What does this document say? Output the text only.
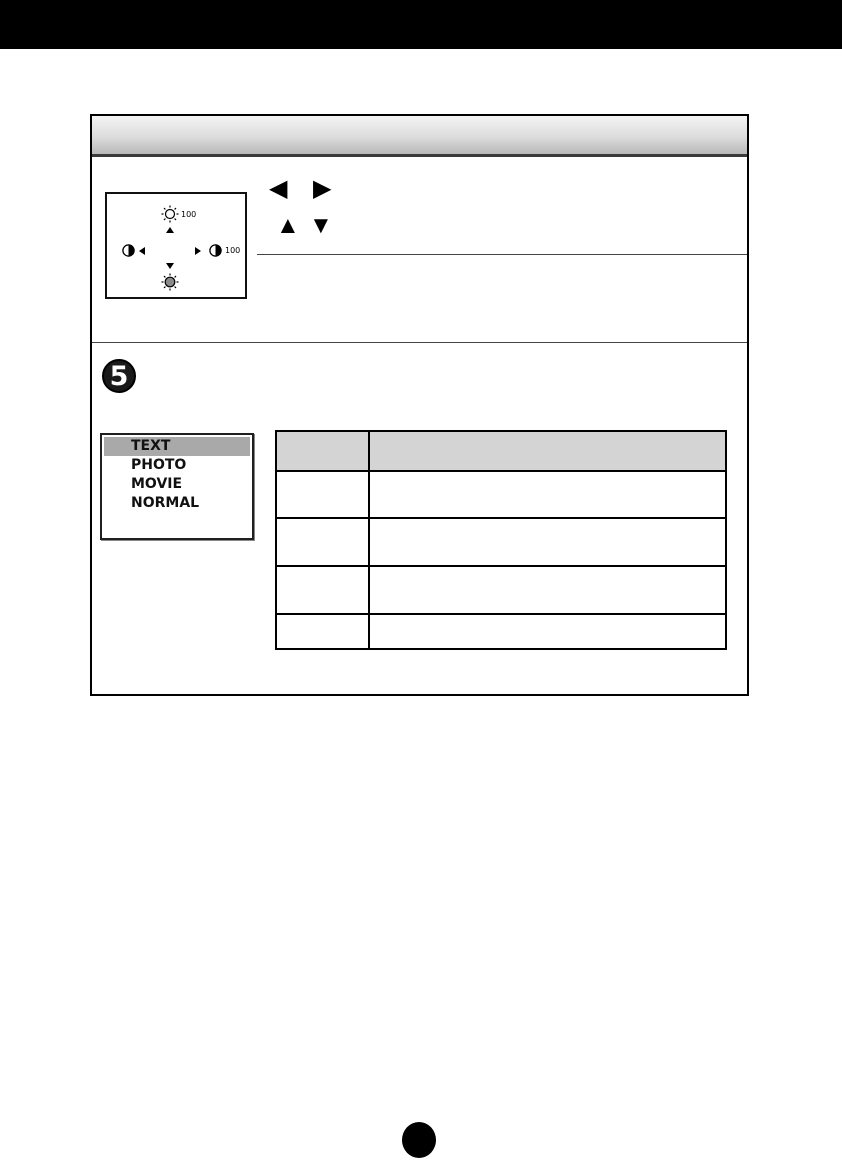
100
100
◀ ▶
▲ ▼
5
TEXT
PHOTO
MOVIE
NORMAL
